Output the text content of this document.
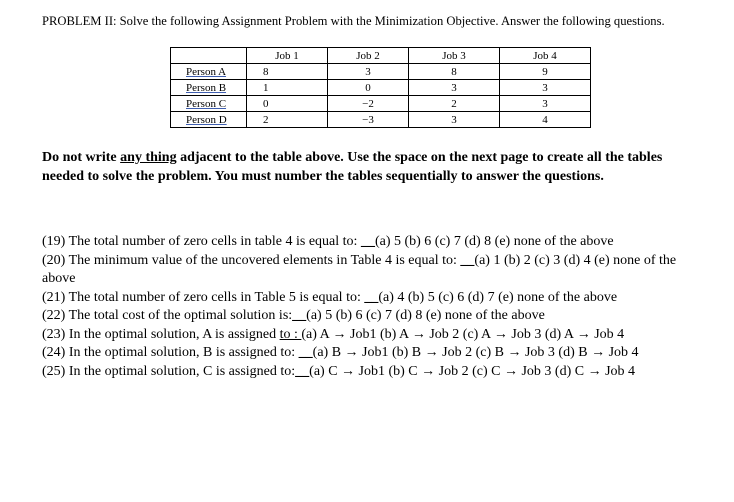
PROBLEM II: Solve the following Assignment Problem with the Minimization Objective. Answer the following questions.
	Job 1	Job 2	Job 3	Job 4
Person A	8	3	8	9
Person B	1	0	3	3
Person C	0	−2	2	3
Person D	2	−3	3	4
Do not write any thing adjacent to the table above. Use the space on the next page to create all the tables needed to solve the problem. You must number the tables sequentially to answer the questions.

(19) The total number of zero cells in table 4 is equal to: __(a) 5 (b) 6 (c) 7 (d) 8 (e) none of the above

(20) The minimum value of the uncovered elements in Table 4 is equal to: __(a) 1 (b) 2 (c) 3 (d) 4 (e) none of the above

(21) The total number of zero cells in Table 5 is equal to: __(a) 4 (b) 5 (c) 6 (d) 7 (e) none of the above

(22) The total cost of the optimal solution is:__(a) 5 (b) 6 (c) 7 (d) 8 (e) none of the above

(23) In the optimal solution, A is assigned to : (a) A → Job1 (b) A → Job 2 (c) A → Job 3 (d) A → Job 4

(24) In the optimal solution, B is assigned to: __(a) B → Job1 (b) B → Job 2 (c) B → Job 3 (d) B → Job 4

(25) In the optimal solution, C is assigned to:__(a) C → Job1 (b) C → Job 2 (c) C → Job 3 (d) C → Job 4
